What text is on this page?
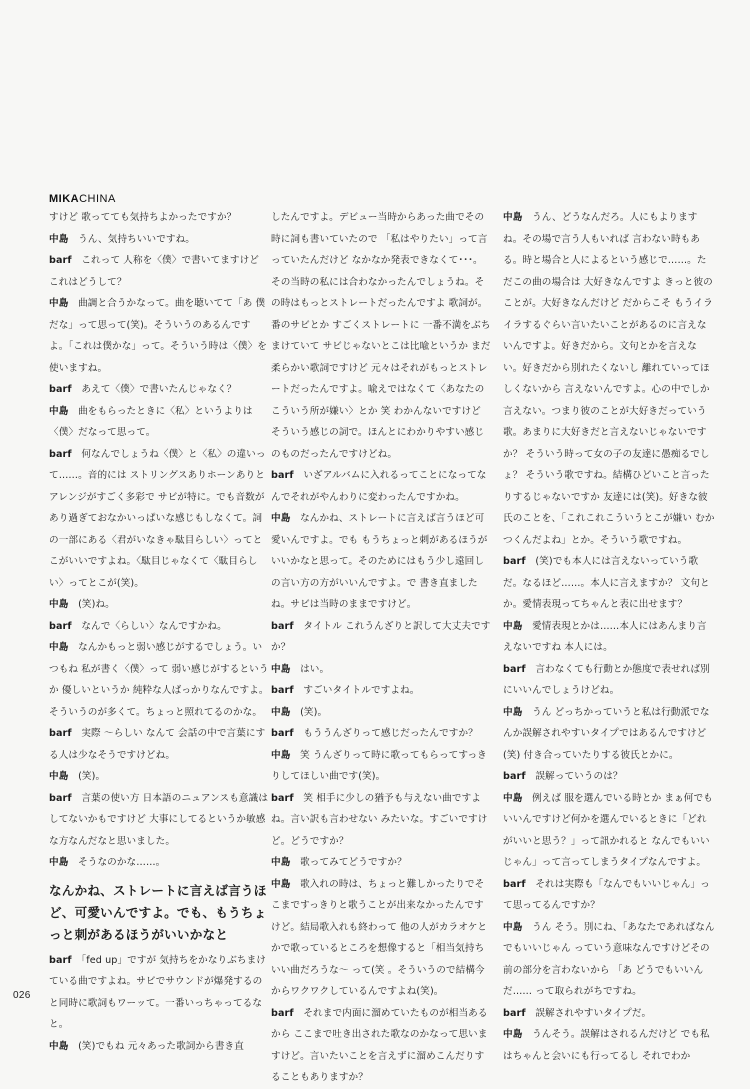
MIKACHINA

すけど 歌ってても気持ちよかったですか？

中島　 うん、気持ちいいですね。

barf　 これって 人称を〈僕〉で書いてますけど これはどうして？

中島　 曲調と合うかなって。曲を聴いてて「あ 僕だな」って思って(笑)。そういうのあるんですよ。「これは僕かな」って。そういう時は〈僕〉を使いますね。

barf　 あえて〈僕〉で書いたんじゃなく？

中島　 曲をもらったときに〈私〉というよりは〈僕〉だなって思って。

barf　 何なんでしょうね〈僕〉と〈私〉の違いって……。音的には ストリングスありホーンありと アレンジがすごく多彩で サビが特に。でも音数があり過ぎておなかいっぱいな感じもしなくて。詞の一部にある〈君がいなきゃ駄目らしい〉ってとこがいいですよね。〈駄目じゃなくて〈駄目らしい〉ってとこが(笑)。

中島　 (笑)ね。

barf　 なんで〈らしい〉なんですかね。

中島　 なんかもっと弱い感じがするでしょう。いつもね 私が書く〈僕〉って 弱い感じがするというか 優しいというか 純粋な人ばっかりなんですよ。そういうのが多くて。ちょっと照れてるのかな。

barf　 実際 ～らしい なんて 会話の中で言葉にする人は少なそうですけどね。

中島　 (笑)。

barf　 言葉の使い方 日本語のニュアンスも意識はしてないかもですけど 大事にしてるというか敏感な方なんだなと思いました。

中島　 そうなのかな……。

なんかね、ストレートに言えば言うほど、可愛いんですよ。でも、もうちょっと刺があるほうがいいかなと

barf　 「fed up」ですが 気持ちをかなりぶちまけている曲ですよね。サビでサウンドが爆発するのと同時に歌詞もワーッて。一番いっちゃってるなと。

中島　 (笑)でもね 元々あった歌詞から書き直

したんですよ。デビュー当時からあった曲でその時に詞も書いていたので 「私はやりたい」って言っていたんだけど なかなか発表できなくて･･･。その当時の私には合わなかったんでしょうね。その時はもっとストレートだったんですよ 歌詞が。 番のサビとか すごくストレートに 一番不満をぶちまけていて サビじゃないとこは比喩というか まだ柔らかい歌詞ですけど 元々はそれがもっとストレートだったんですよ。喩えではなくて〈あなたのこういう所が嫌い〉とか 笑 わかんないですけど そういう感じの詞で。ほんとにわかりやすい感じのものだったんですけどね。

barf　 いざアルバムに入れるってことになってなんでそれがやんわりに変わったんですかね。

中島　 なんかね、ストレートに言えば言うほど可愛いんですよ。でも もうちょっと刺があるほうがいいかなと思って。そのためにはもう少し遠回しの言い方の方がいいんですよ。で 書き直ましたね。サビは当時のままですけど。

barf　 タイトル これうんざりと訳して大丈夫ですか？

中島　 はい。

barf　 すごいタイトルですよね。

中島　 (笑)。

barf　 もううんざりって感じだったんですか？

中島　 笑 うんざりって時に歌ってもらってすっきりしてほしい曲です(笑)。

barf　 笑 相手に少しの猶予も与えない曲ですよね。言い訳も言わせない みたいな。すごいですけど。どうですか？

中島　 歌ってみてどうですか？

中島　 歌入れの時は、ちょっと難しかったりでそこまですっきりと歌うことが出来なかったんですけど。結局歌入れも終わって 他の人がカラオケとかで歌っているところを想像すると「相当気持ちいい曲だろうな～ って(笑 。そういうので結構今からワクワクしているんですよね(笑)。

barf　 それまで内面に溜めていたものが相当あるから ここまで吐き出された歌なのかなって思いますけど。言いたいことを言えずに溜めこんだりすることもありますか？

中島　 うん、どうなんだろ。人にもよりますね。その場で言う人もいれば 言わない時もある。時と場合と人によるという感じで……。ただこの曲の場合は 大好きなんですよ きっと彼のことが。大好きなんだけど だからこそ もうイライラするぐらい言いたいことがあるのに言えないんですよ。好きだから。文句とかを言えない。好きだから別れたくないし 離れていってほしくないから 言えないんですよ。心の中でしか言えない。つまり彼のことが大好きだっていう歌。あまりに大好きだと言えないじゃないですか？ そういう時って女の子の友達に愚痴るでしょ？ そういう歌ですね。結構ひどいこと言ったりするじゃないですか 友達には(笑)。好きな彼氏のことを、「これこれこういうとこが嫌い むかつくんだよね」とか。そういう歌ですね。

barf　 (笑)でも本人には言えないっていう歌だ。なるほど……。本人に言えますか？ 文句とか。愛情表現ってちゃんと表に出せます？

中島　 愛情表現とかは……本人にはあんまり言えないですね 本人には。

barf　 言わなくても行動とか態度で表せれば別にいいんでしょうけどね。

中島　 うん どっちかっていうと私は行動派でなんか誤解されやすいタイプではあるんですけど(笑) 付き合っていたりする彼氏とかに。

barf　 誤解っていうのは？

中島　 例えば 服を選んでいる時とか まぁ何でもいいんですけど何かを選んでいるときに「どれがいいと思う？」って訊かれると なんでもいいじゃん」って言ってしまうタイプなんですよ。

barf　 それは実際も「なんでもいいじゃん」って思ってるんですか？

中島　 うん そう。別にね、「あなたであればなんでもいいじゃん っていう意味なんですけどその前の部分を言わないから 「あ どうでもいいんだ…… って取られがちですね。

barf　 誤解されやすいタイプだ。

中島　 うんそう。誤解はされるんだけど でも私はちゃんと会いにも行ってるし それでわか

026
